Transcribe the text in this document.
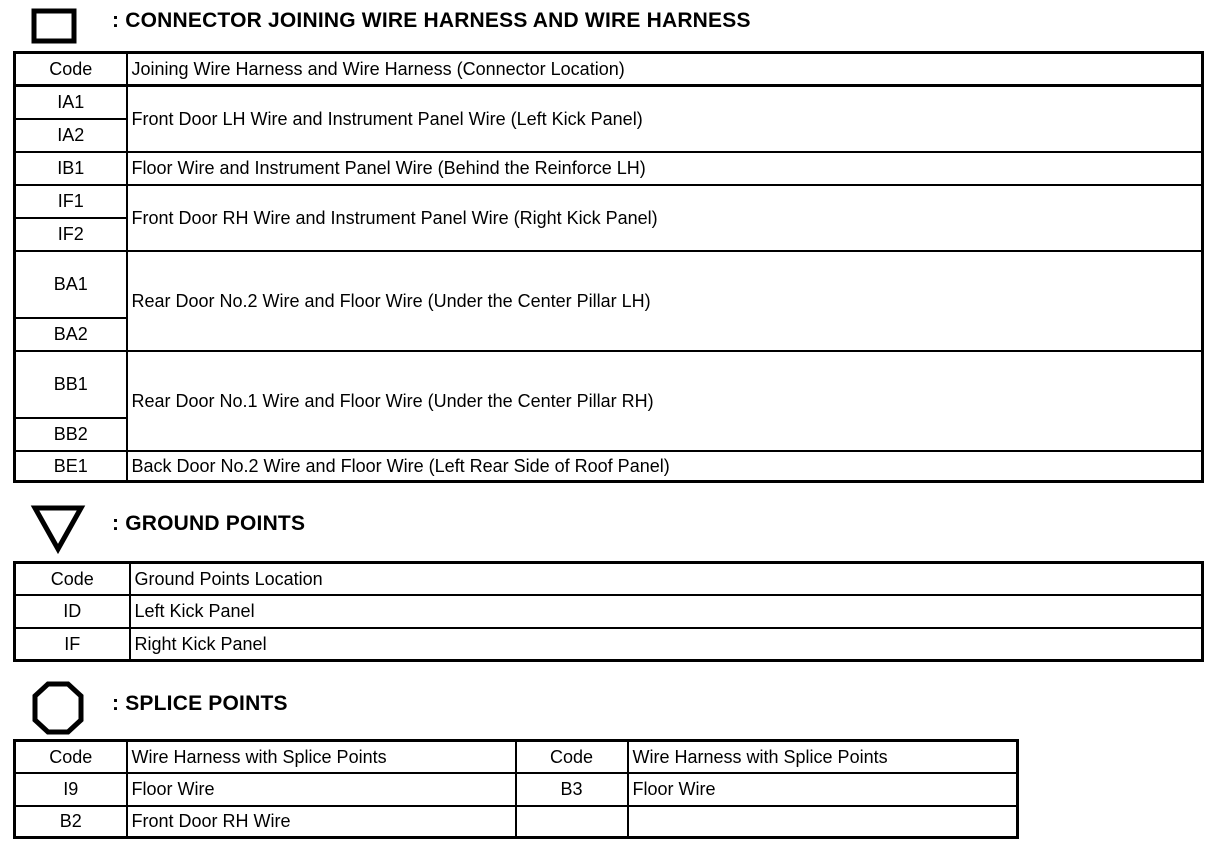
: CONNECTOR JOINING WIRE HARNESS AND WIRE HARNESS
Code	Joining Wire Harness and Wire Harness (Connector Location)
IA1	Front Door LH Wire and Instrument Panel Wire (Left Kick Panel)
IA2	
IB1	Floor Wire and Instrument Panel Wire (Behind the Reinforce LH)
IF1	Front Door RH Wire and Instrument Panel Wire (Right Kick Panel)
IF2	
BA1	Rear Door No.2 Wire and Floor Wire (Under the Center Pillar LH)
BA2	
BB1	Rear Door No.1 Wire and Floor Wire (Under the Center Pillar RH)
BB2	
BE1	Back Door No.2 Wire and Floor Wire (Left Rear Side of Roof Panel)
: GROUND POINTS
Code	Ground Points Location
ID	Left Kick Panel
IF	Right Kick Panel
: SPLICE POINTS
Code	Wire Harness with Splice Points	Code	Wire Harness with Splice Points
I9	Floor Wire	B3	Floor Wire
B2	Front Door RH Wire		
